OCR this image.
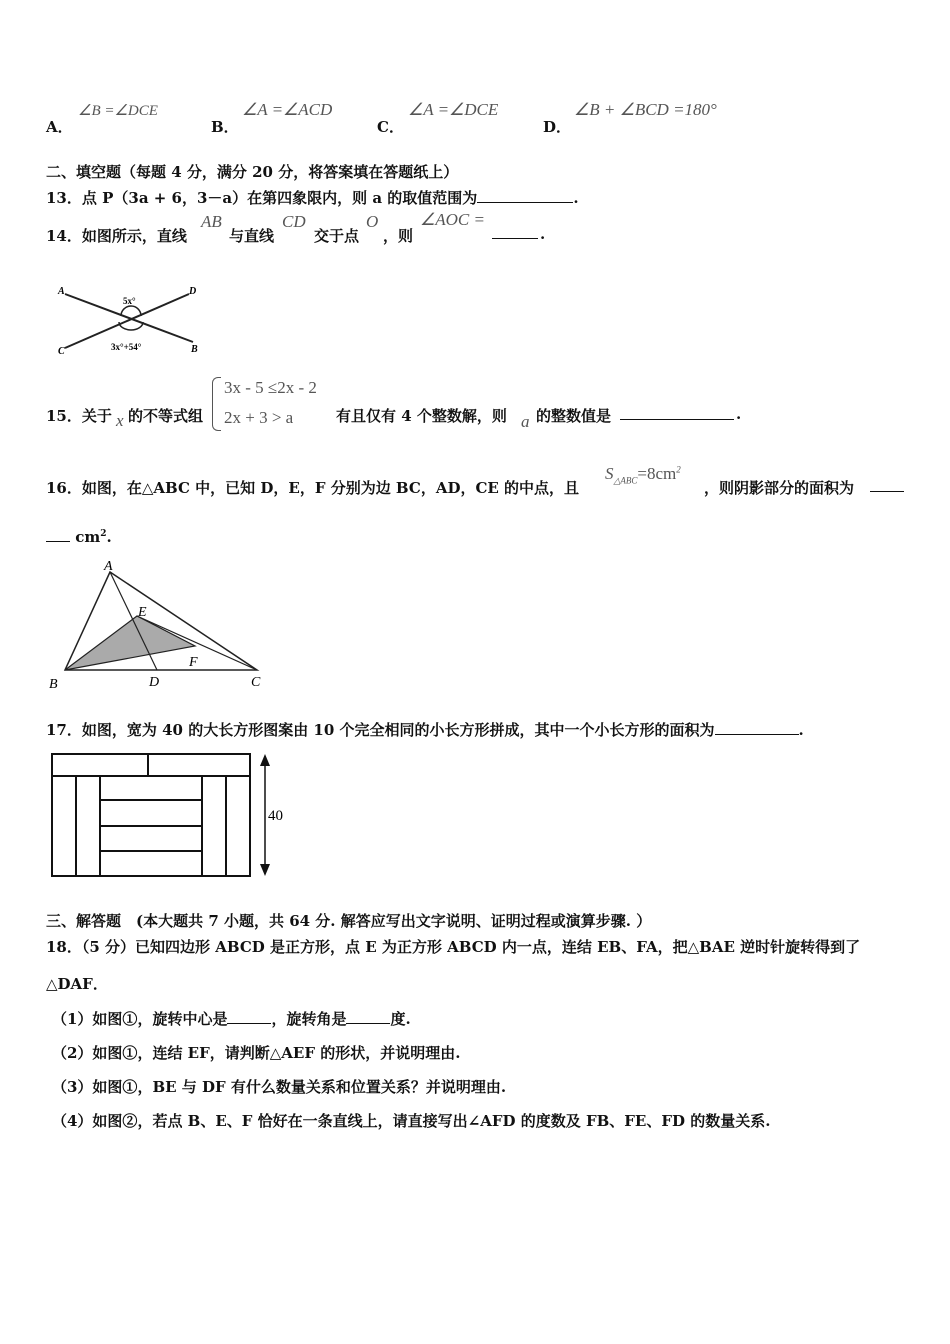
A．
∠B =∠DCE
B．
∠A =∠ACD
C．
∠A =∠DCE
D．
∠B + ∠BCD =180°
二、填空题（每题 4 分，满分 20 分，将答案填在答题纸上）
13．点 P（3a + 6，3－a）在第四象限内，则 a 的取值范围为	.
14．如图所示，直线
AB
与直线
CD
交于点
O
，则
∠AOC =
.
A	D
C	B
5x°
3x°+54°
15．关于 x 的不等式组
3x - 5 ≤2x - 2
2x + 3 > a	有且仅有 4 个整数解，则 a 的整数值是	.
16．如图，在△ABC 中，已知 D，E，F 分别为边 BC，AD，CE 的中点，且
$S_{\triangle ABC}=8cm^2$
，则阴影部分的面积为
$cm^2$.
A
E
F
B	D	C
17．如图，宽为 40 的大长方形图案由 10 个完全相同的小长方形拼成，其中一个小长方形的面积为	.
40
三、解答题　(本大题共 7 小题，共 64 分. 解答应写出文字说明、证明过程或演算步骤. ）
18．（5 分）已知四边形 ABCD 是正方形，点 E 为正方形 ABCD 内一点，连结 EB、FA，把△BAE 逆时针旋转得到了
△DAF．
（1）如图①，旋转中心是	，旋转角是	度.
（2）如图①，连结 EF，请判断△AEF 的形状，并说明理由.
（3）如图①，BE 与 DF 有什么数量关系和位置关系？并说明理由.
（4）如图②，若点 B、E、F 恰好在一条直线上，请直接写出∠AFD 的度数及 FB、FE、FD 的数量关系.
